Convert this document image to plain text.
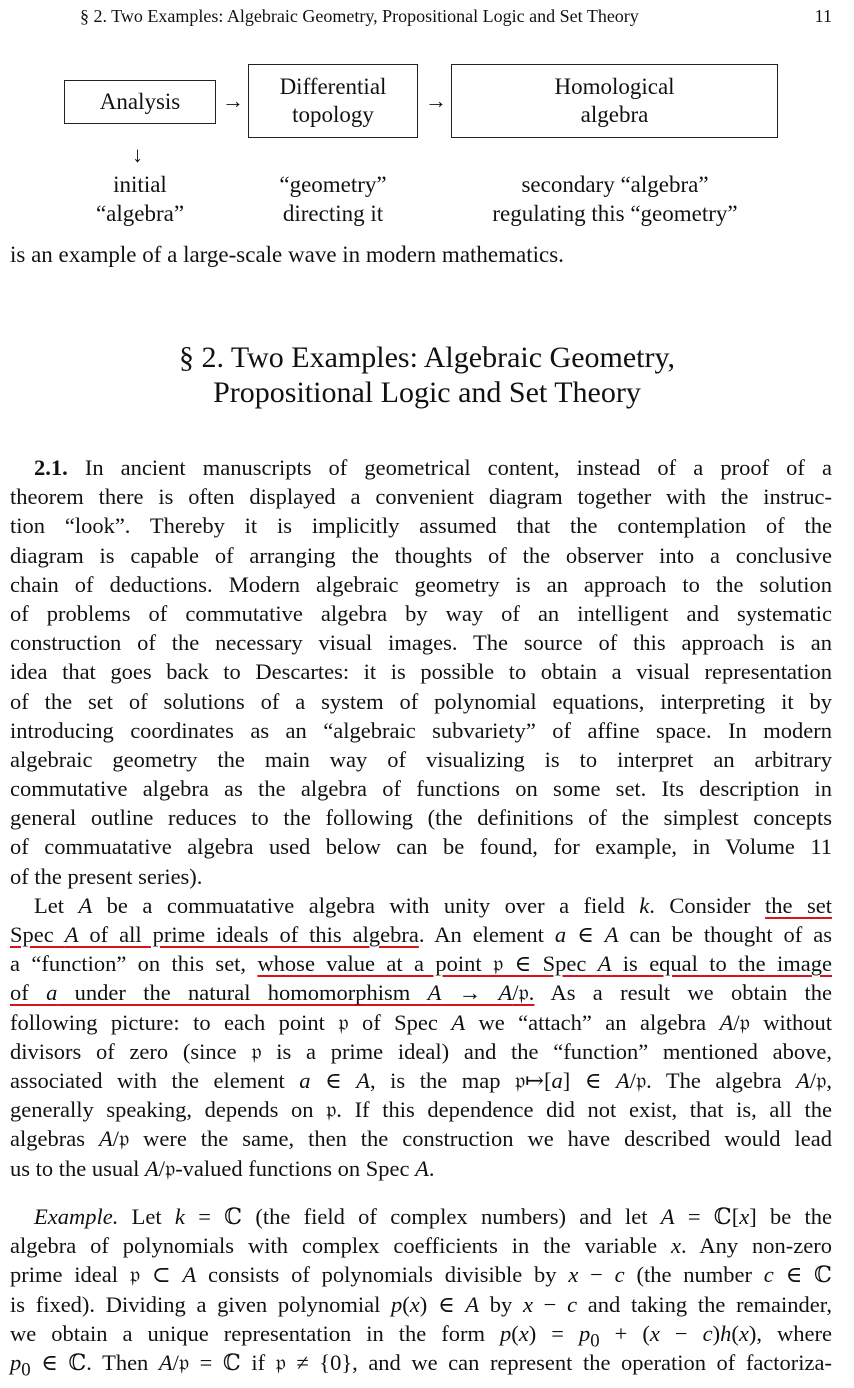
§ 2. Two Examples: Algebraic Geometry, Propositional Logic and Set Theory	11
Analysis →
Differential
topology
→
Homological
algebra
↓
initial
“algebra”
“geometry”
directing it
secondary “algebra”
regulating this “geometry”
is an example of a large-scale wave in modern mathematics.
§ 2. Two Examples: Algebraic Geometry,
Propositional Logic and Set Theory
2.1. In ancient manuscripts of geometrical content, instead of a proof of a
theorem there is often displayed a convenient diagram together with the instruc-
tion “look”. Thereby it is implicitly assumed that the contemplation of the
diagram is capable of arranging the thoughts of the observer into a conclusive
chain of deductions. Modern algebraic geometry is an approach to the solution
of problems of commutative algebra by way of an intelligent and systematic
construction of the necessary visual images. The source of this approach is an
idea that goes back to Descartes: it is possible to obtain a visual representation
of the set of solutions of a system of polynomial equations, interpreting it by
introducing coordinates as an “algebraic subvariety” of affine space. In modern
algebraic geometry the main way of visualizing is to interpret an arbitrary
commutative algebra as the algebra of functions on some set. Its description in
general outline reduces to the following (the definitions of the simplest concepts
of commuatative algebra used below can be found, for example, in Volume 11
of the present series).
Let A be a commuatative algebra with unity over a field k. Consider the set
Spec A of all prime ideals of this algebra. An element a ∈ A can be thought of as
a “function” on this set, whose value at a point 𝔭 ∈ Spec A is equal to the image
of a under the natural homomorphism A → A/𝔭. As a result we obtain the
following picture: to each point 𝔭 of Spec A we “attach” an algebra A/𝔭 without
divisors of zero (since 𝔭 is a prime ideal) and the “function” mentioned above,
associated with the element a ∈ A, is the map 𝔭↦[a] ∈ A/𝔭. The algebra A/𝔭,
generally speaking, depends on 𝔭. If this dependence did not exist, that is, all the
algebras A/𝔭 were the same, then the construction we have described would lead
us to the usual A/𝔭-valued functions on Spec A.
Example. Let k = ℂ (the field of complex numbers) and let A = ℂ[x] be the
algebra of polynomials with complex coefficients in the variable x. Any non-zero
prime ideal 𝔭 ⊂ A consists of polynomials divisible by x − c (the number c ∈ ℂ
is fixed). Dividing a given polynomial p(x) ∈ A by x − c and taking the remainder,
we obtain a unique representation in the form $p(x) = p_0 + (x - c)h(x)$, where
$p_0$ ∈ ℂ. Then A/𝔭 = ℂ if 𝔭 ≠ {0}, and we can represent the operation of factoriza-
